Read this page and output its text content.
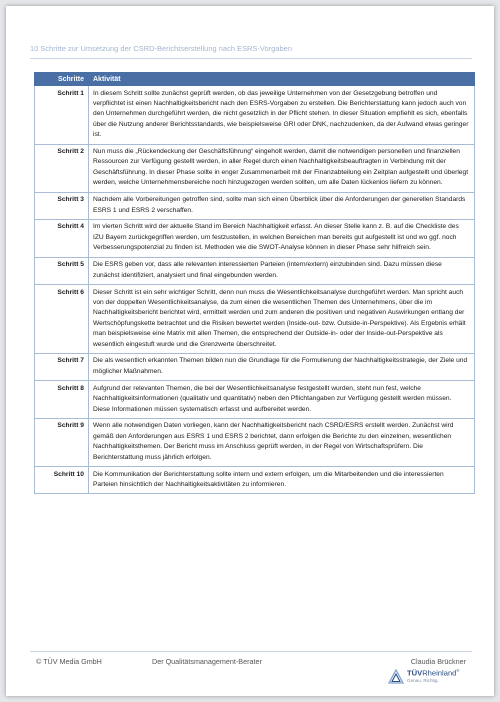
10 Schritte zur Umsetzung der CSRD-Berichtserstellung nach ESRS-Vorgaben
Schritte	Aktivität
Schritt 1	In diesem Schritt sollte zunächst geprüft werden, ob das jeweilige Unternehmen von der Gesetzgebung betroffen und verpflichtet ist einen Nachhaltigkeitsbericht nach den ESRS-Vorgaben zu erstellen. Die Berichterstattung kann jedoch auch von den Unternehmen durchgeführt werden, die nicht gesetzlich in der Pflicht stehen. In dieser Situation empfiehlt es sich, ebenfalls über die Nutzung anderer Berichtsstandards, wie beispielsweise GRI oder DNK, nachzudenken, da der Aufwand etwas geringer ist.
Schritt 2	Nun muss die „Rückendeckung der Geschäftsführung“ eingeholt werden, damit die notwendigen personellen und finanziellen Ressourcen zur Verfügung gestellt werden, in aller Regel durch einen Nachhaltigkeitsbeauftragten in Verbindung mit der Geschäftsführung. In dieser Phase sollte in enger Zusammenarbeit mit der Finanzabteilung ein Zeitplan aufgestellt und überlegt werden, welche Unternehmensbereiche noch hinzugezogen werden sollten, um alle Daten lückenlos liefern zu können.
Schritt 3	Nachdem alle Vorbereitungen getroffen sind, sollte man sich einen Überblick über die Anforderungen der generellen Standards ESRS 1 und ESRS 2 verschaffen.
Schritt 4	Im vierten Schritt wird der aktuelle Stand im Bereich Nachhaltigkeit erfasst. An dieser Stelle kann z. B. auf die Checkliste des IZU Bayern zurückgegriffen werden, um festzustellen, in welchen Bereichen man bereits gut aufgestellt ist und wo ggf. noch Verbesserungspotenzial zu finden ist. Methoden wie die SWOT-Analyse können in dieser Phase sehr hilfreich sein.
Schritt 5	Die ESRS geben vor, dass alle relevanten interessierten Parteien (intern/extern) einzubinden sind. Dazu müssen diese zunächst identifiziert, analysiert und final eingebunden werden.
Schritt 6	Dieser Schritt ist ein sehr wichtiger Schritt, denn nun muss die Wesentlichkeitsanalyse durchgeführt werden. Man spricht auch von der doppelten Wesentlichkeitsanalyse, da zum einen die wesentlichen Themen des Unternehmens, über die im Nachhaltigkeitsbericht berichtet wird, ermittelt werden und zum anderen die positiven und negativen Auswirkungen entlang der Wertschöpfungskette betrachtet und die Risiken bewertet werden (Inside-out- bzw. Outside-in-Perspektive). Als Ergebnis erhält man beispielsweise eine Matrix mit allen Themen, die entsprechend der Outside-in- oder der Inside-out-Perspektive als wesentlich eingestuft wurde und die Grenzwerte überschreitet.
Schritt 7	Die als wesentlich erkannten Themen bilden nun die Grundlage für die Formulierung der Nachhaltigkeitsstrategie, der Ziele und möglicher Maßnahmen.
Schritt 8	Aufgrund der relevanten Themen, die bei der Wesentlichkeitsanalyse festgestellt wurden, steht nun fest, welche Nachhaltigkeitsinformationen (qualitativ und quantitativ) neben den Pflichtangaben zur Verfügung gestellt werden müssen. Diese Informationen müssen systematisch erfasst und aufbereitet werden.
Schritt 9	Wenn alle notwendigen Daten vorliegen, kann der Nachhaltigkeitsbericht nach CSRD/ESRS erstellt werden. Zunächst wird gemäß den Anforderungen aus ESRS 1 und ESRS 2 berichtet, dann erfolgen die Berichte zu den einzelnen, wesentlichen Nachhaltigkeitsthemen. Der Bericht muss im Anschluss geprüft werden, in der Regel von Wirtschaftsprüfern. Die Berichterstattung muss jährlich erfolgen.
Schritt 10	Die Kommunikation der Berichterstattung sollte intern und extern erfolgen, um die Mitarbeitenden und die interessierten Parteien hinsichtlich der Nachhaltigkeitsaktivitäten zu informieren.
© TÜV Media GmbH	Der Qualitätsmanagement-Berater	Claudia Brückner
TÜVRheinland®
Genau. Richtig.
